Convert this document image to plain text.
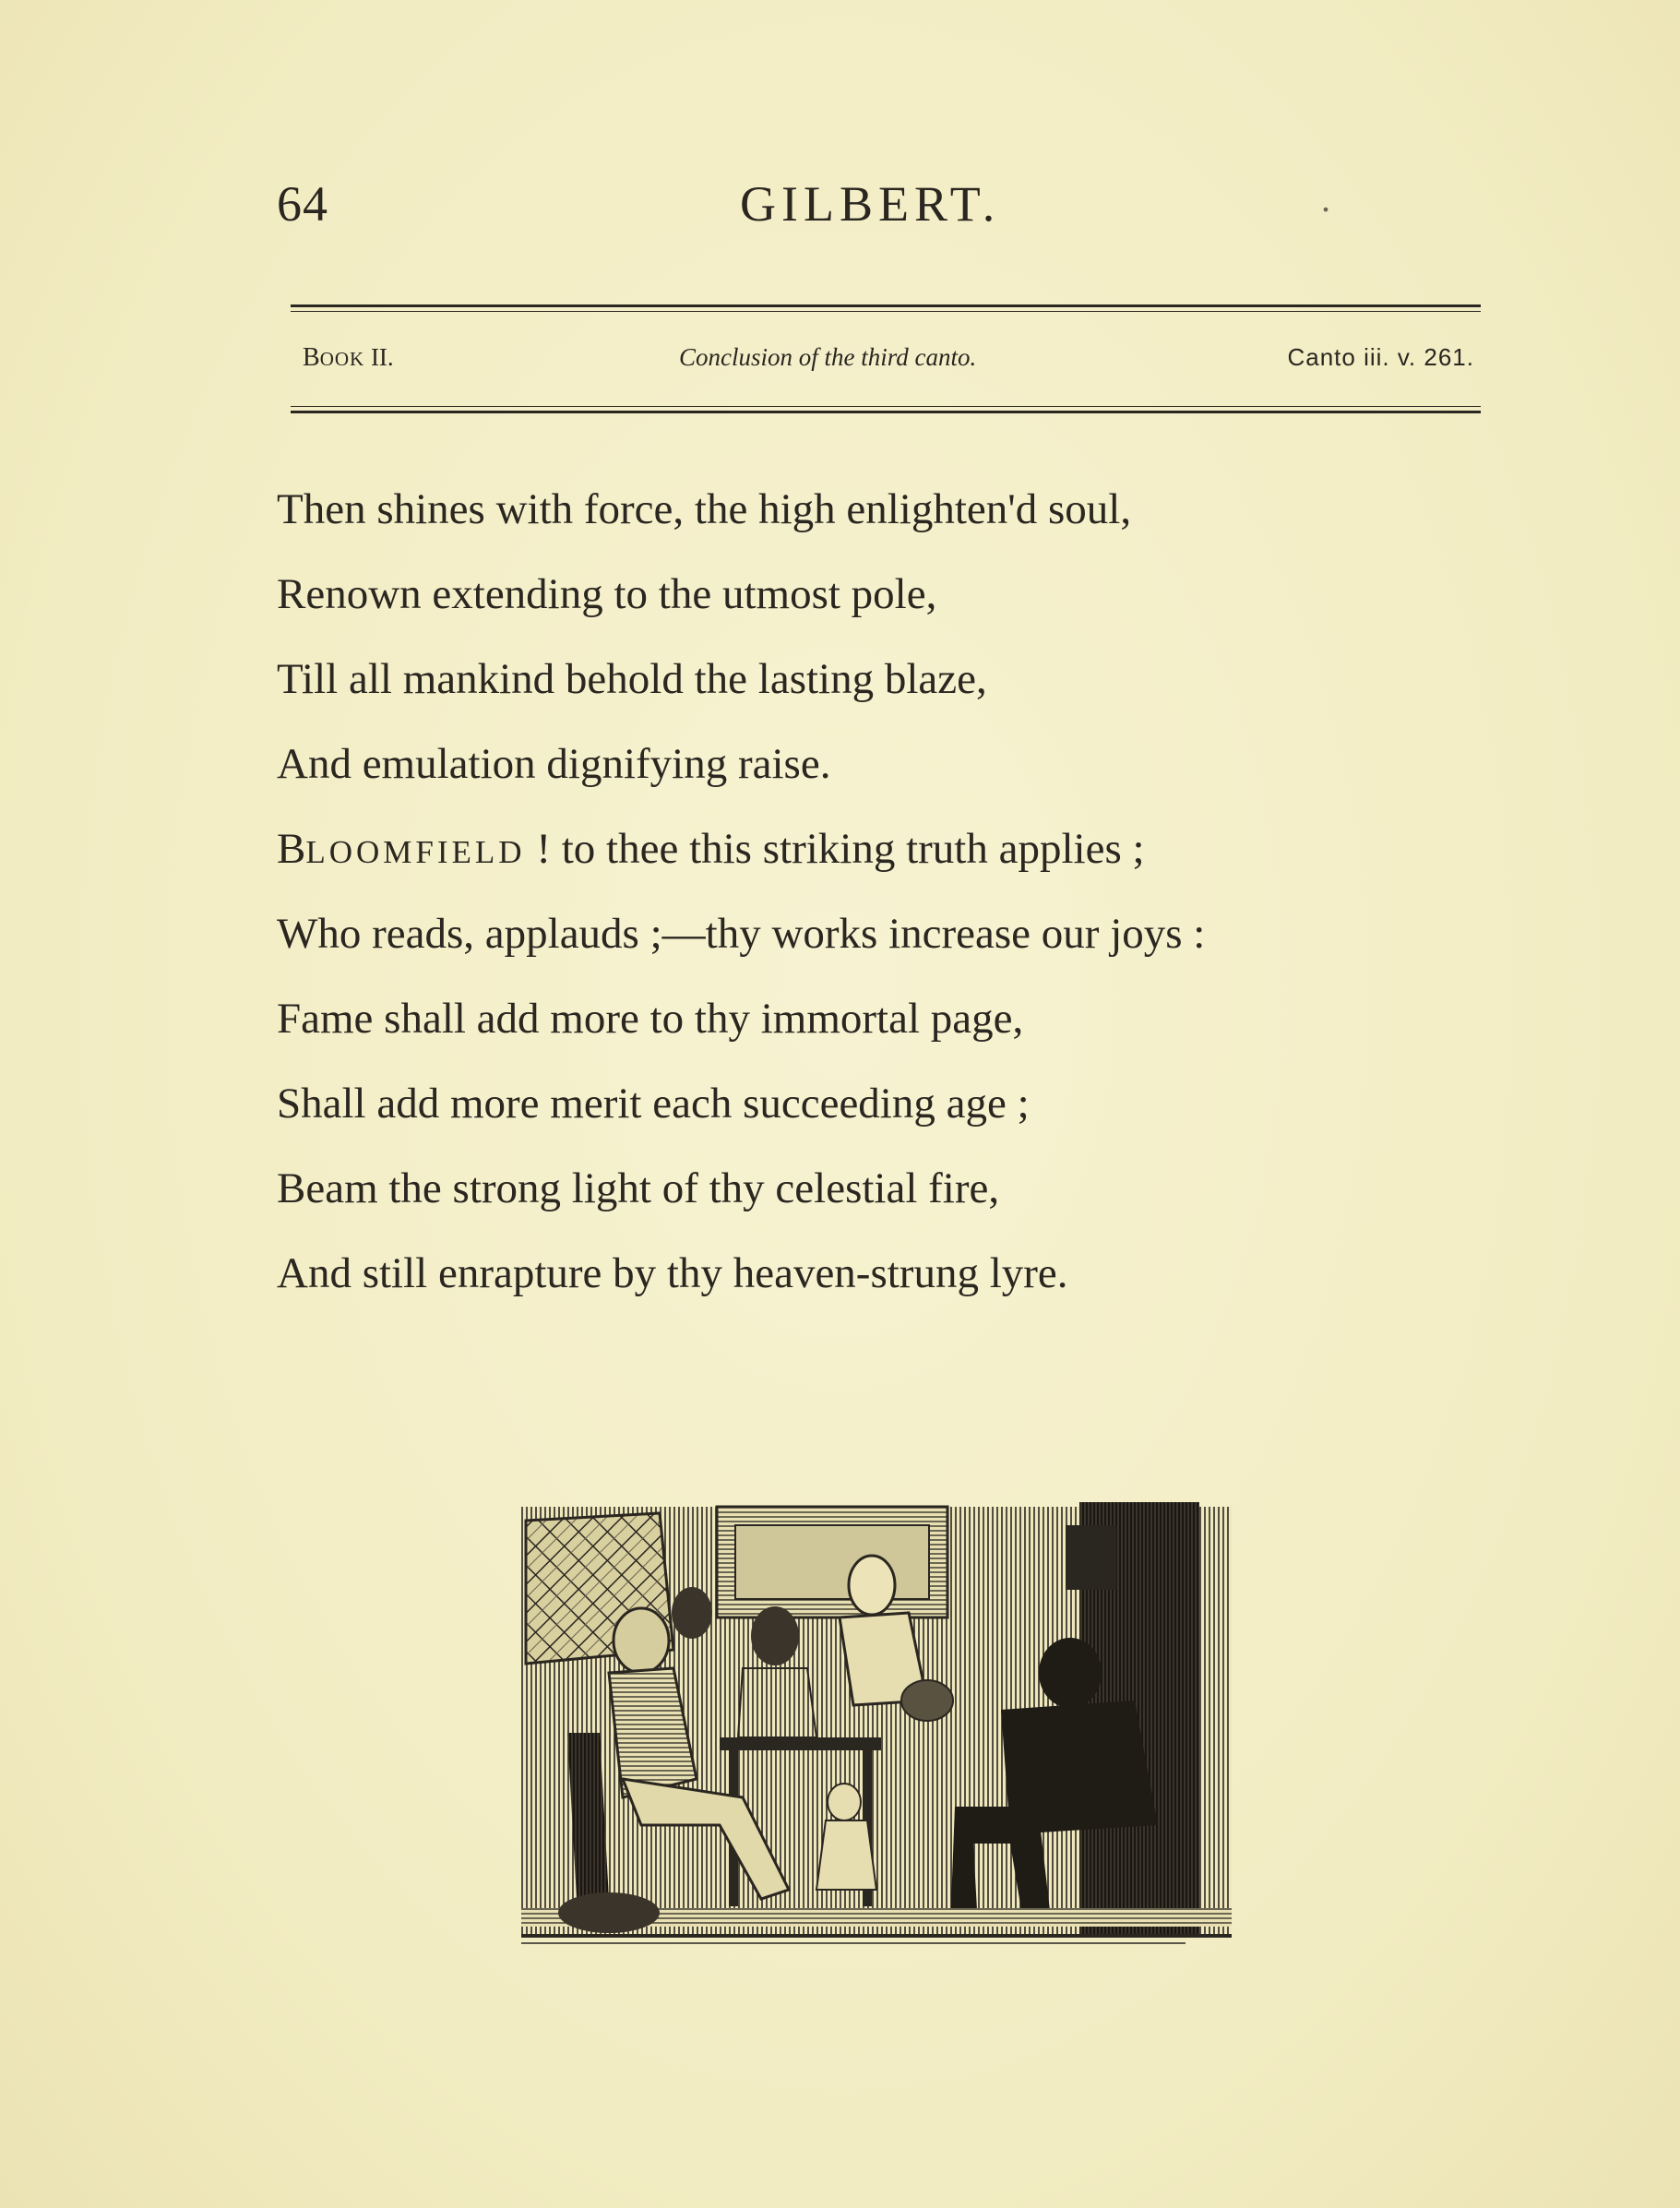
64	GILBERT.	.
BOOK II.	Conclusion of the third canto.	Canto iii. v. 261.
Then shines with force, the high enlighten'd soul,
Renown extending to the utmost pole,
Till all mankind behold the lasting blaze,
And emulation dignifying raise.
BLOOMFIELD ! to thee this striking truth applies ;
Who reads, applauds ;—thy works increase our joys :
Fame shall add more to thy immortal page,
Shall add more merit each succeeding age ;
Beam the strong light of thy celestial fire,
And still enrapture by thy heaven-strung lyre.
